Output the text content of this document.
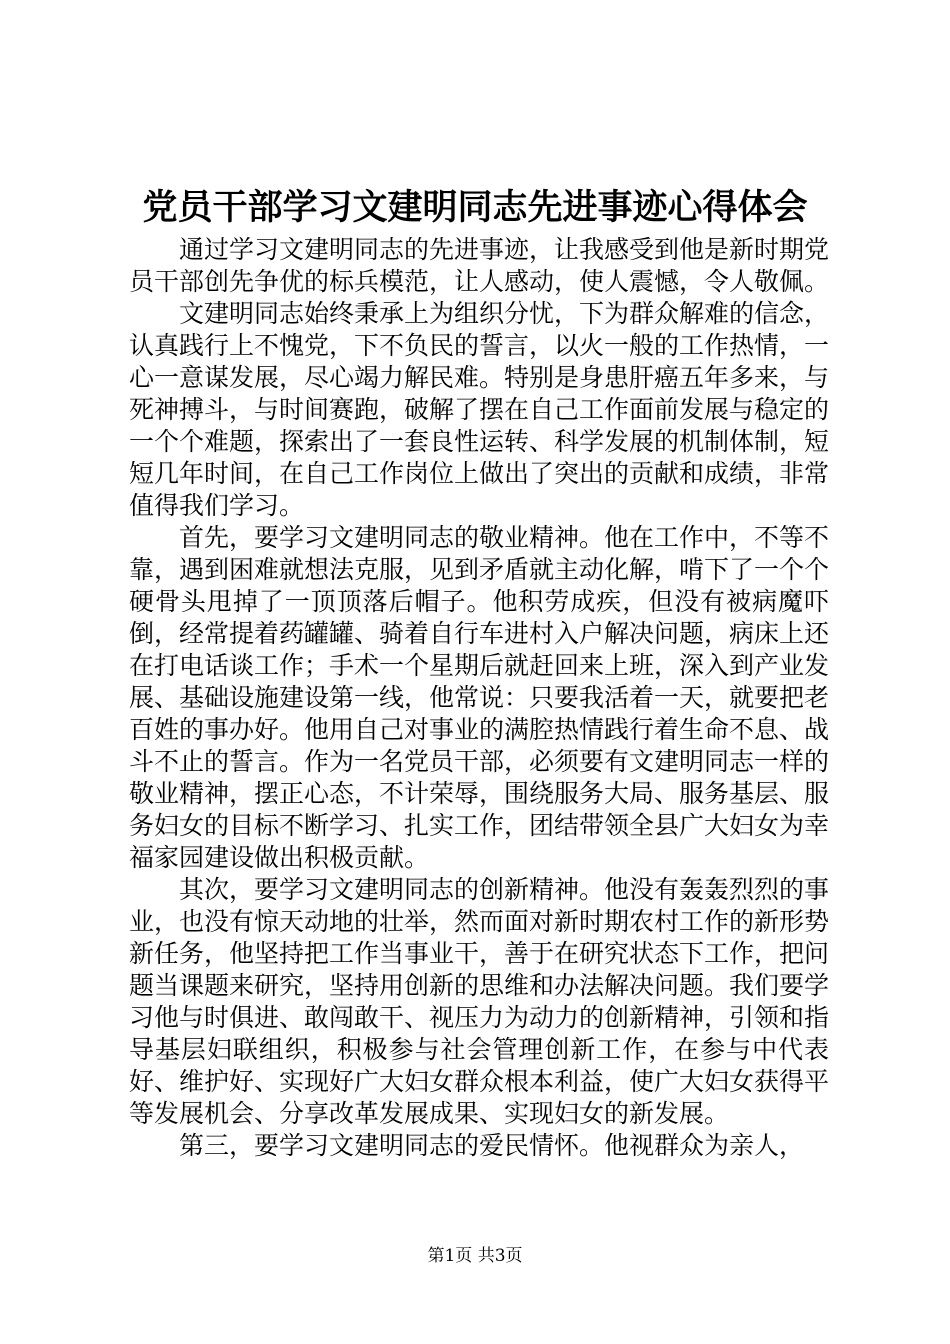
党员干部学习文建明同志先进事迹心得体会

通过学习文建明同志的先进事迹，让我感受到他是新时期党员干部创先争优的标兵模范，让人感动，使人震憾，令人敬佩。

文建明同志始终秉承上为组织分忧，下为群众解难的信念，认真践行上不愧党，下不负民的誓言，以火一般的工作热情，一心一意谋发展，尽心竭力解民难。特别是身患肝癌五年多来，与死神搏斗，与时间赛跑，破解了摆在自己工作面前发展与稳定的一个个难题，探索出了一套良性运转、科学发展的机制体制，短短几年时间，在自己工作岗位上做出了突出的贡献和成绩，非常值得我们学习。

首先，要学习文建明同志的敬业精神。他在工作中，不等不靠，遇到困难就想法克服，见到矛盾就主动化解，啃下了一个个硬骨头甩掉了一顶顶落后帽子。他积劳成疾，但没有被病魔吓倒，经常提着药罐罐、骑着自行车进村入户解决问题，病床上还在打电话谈工作；手术一个星期后就赶回来上班，深入到产业发展、基础设施建设第一线，他常说：只要我活着一天，就要把老百姓的事办好。他用自己对事业的满腔热情践行着生命不息、战斗不止的誓言。作为一名党员干部，必须要有文建明同志一样的敬业精神，摆正心态，不计荣辱，围绕服务大局、服务基层、服务妇女的目标不断学习、扎实工作，团结带领全县广大妇女为幸福家园建设做出积极贡献。

其次，要学习文建明同志的创新精神。他没有轰轰烈烈的事业，也没有惊天动地的壮举，然而面对新时期农村工作的新形势新任务，他坚持把工作当事业干，善于在研究状态下工作，把问题当课题来研究，坚持用创新的思维和办法解决问题。我们要学习他与时俱进、敢闯敢干、视压力为动力的创新精神，引领和指导基层妇联组织，积极参与社会管理创新工作，在参与中代表好、维护好、实现好广大妇女群众根本利益，使广大妇女获得平等发展机会、分享改革发展成果、实现妇女的新发展。

第三，要学习文建明同志的爱民情怀。他视群众为亲人，

第1页 共3页
